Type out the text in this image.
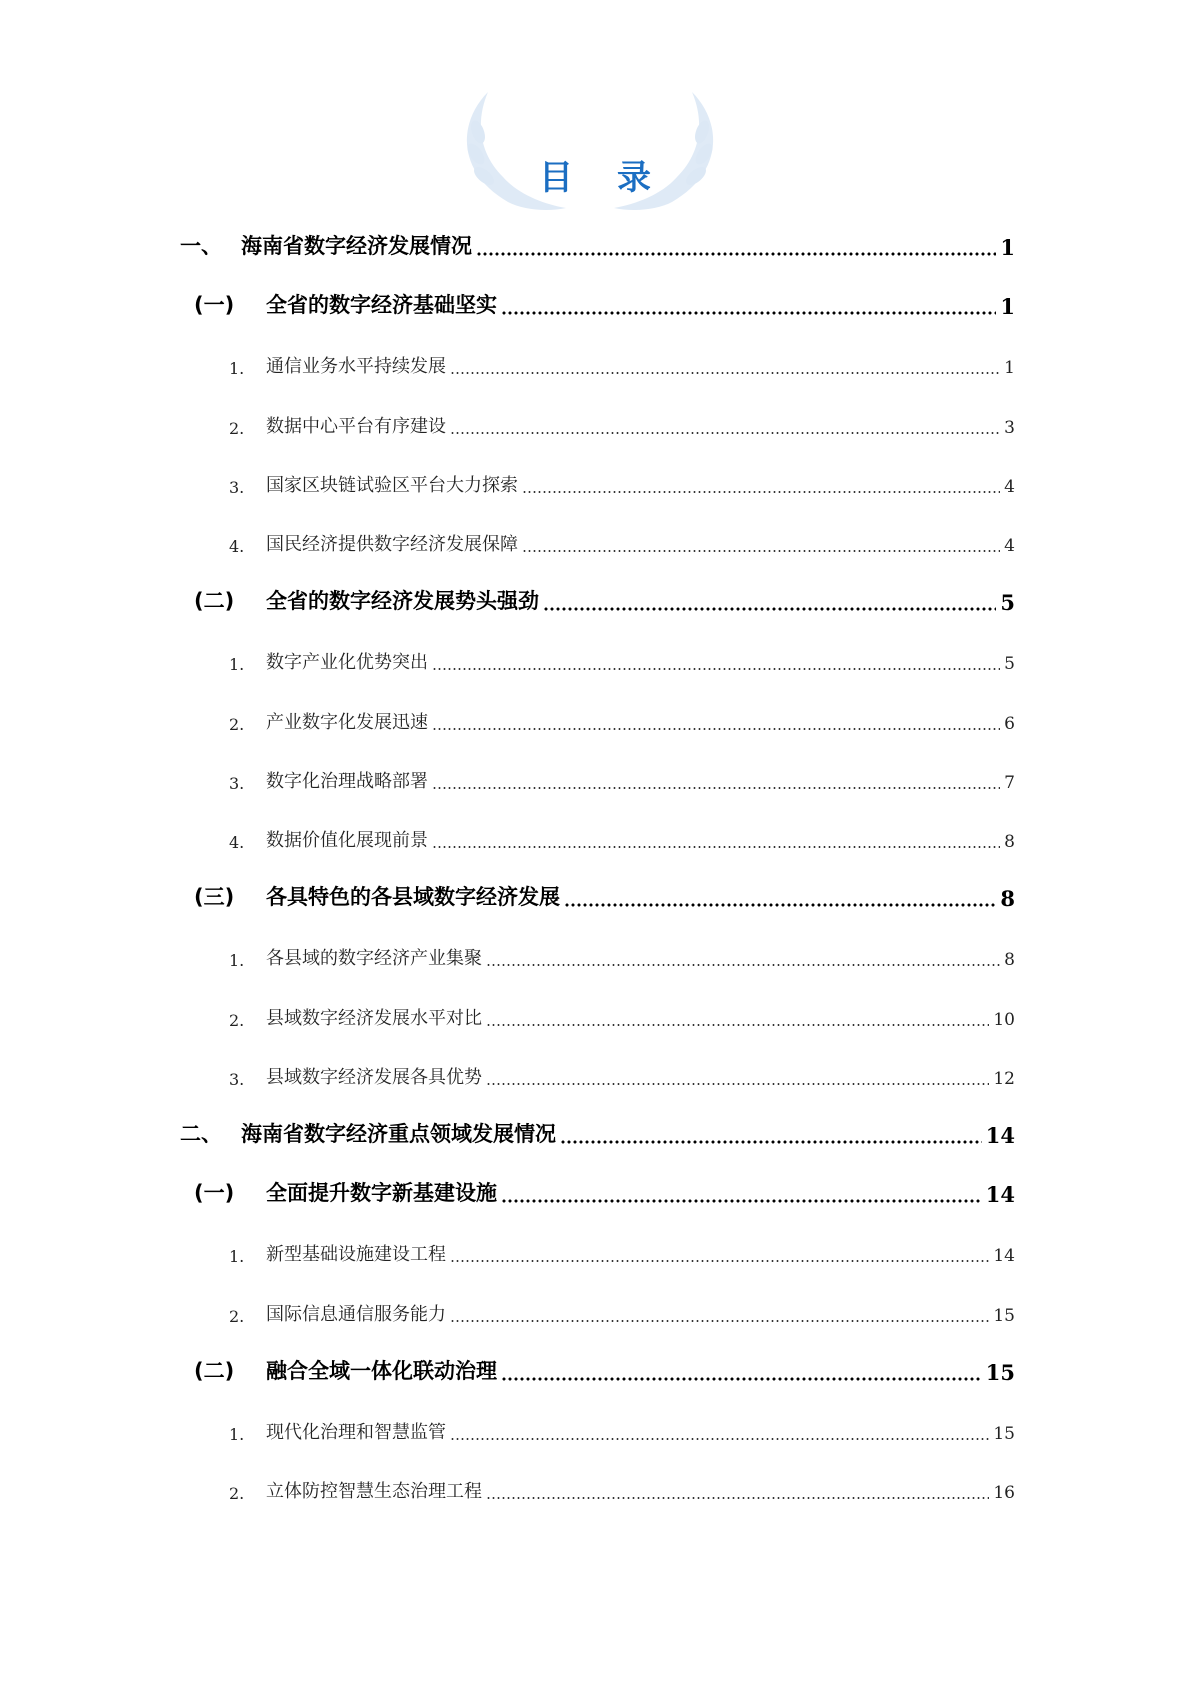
目 录
一、 海南省数字经济发展情况	1
(一) 全省的数字经济基础坚实	1
1. 通信业务水平持续发展	1
2. 数据中心平台有序建设	3
3. 国家区块链试验区平台大力探索	4
4. 国民经济提供数字经济发展保障	4
(二) 全省的数字经济发展势头强劲	5
1. 数字产业化优势突出	5
2. 产业数字化发展迅速	6
3. 数字化治理战略部署	7
4. 数据价值化展现前景	8
(三) 各具特色的各县域数字经济发展	8
1. 各县域的数字经济产业集聚	8
2. 县域数字经济发展水平对比	10
3. 县域数字经济发展各具优势	12
二、 海南省数字经济重点领域发展情况	14
(一) 全面提升数字新基建设施	14
1. 新型基础设施建设工程	14
2. 国际信息通信服务能力	15
(二) 融合全域一体化联动治理	15
1. 现代化治理和智慧监管	15
2. 立体防控智慧生态治理工程	16
